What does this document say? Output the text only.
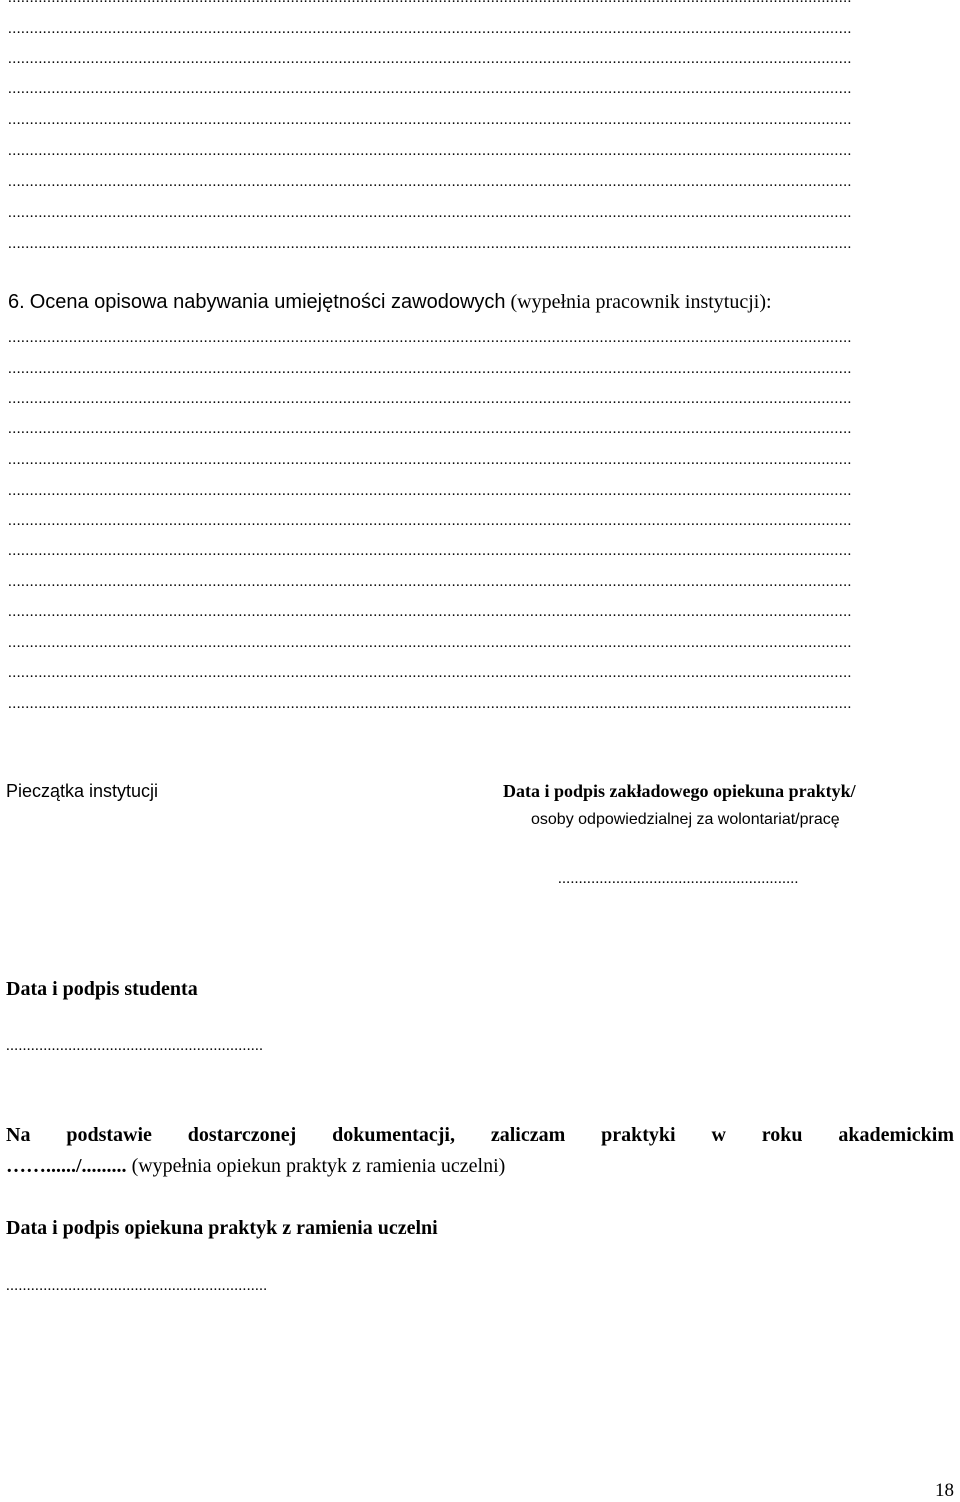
..................................................................................................................................................................................................
..................................................................................................................................................................................................
..................................................................................................................................................................................................
..................................................................................................................................................................................................
..................................................................................................................................................................................................
..................................................................................................................................................................................................
..................................................................................................................................................................................................
..................................................................................................................................................................................................
6. Ocena opisowa nabywania umiejętności zawodowych (wypełnia pracownik instytucji):
..................................................................................................................................................................................................
..................................................................................................................................................................................................
..................................................................................................................................................................................................
..................................................................................................................................................................................................
..................................................................................................................................................................................................
..................................................................................................................................................................................................
..................................................................................................................................................................................................
..................................................................................................................................................................................................
..................................................................................................................................................................................................
..................................................................................................................................................................................................
..................................................................................................................................................................................................
..................................................................................................................................................................................................
..................................................................................................................................................................................................
Pieczątka instytucji	Data i podpis zakładowego opiekuna praktyk/
osoby odpowiedzialnej za wolontariat/pracę
..........................................................
Data i podpis studenta
..............................................................
Na podstawie dostarczonej dokumentacji, zaliczam praktyki w roku akademickim
……....../......... (wypełnia opiekun praktyk z ramienia uczelni)
Data i podpis opiekuna praktyk z ramienia uczelni
...............................................................
18
